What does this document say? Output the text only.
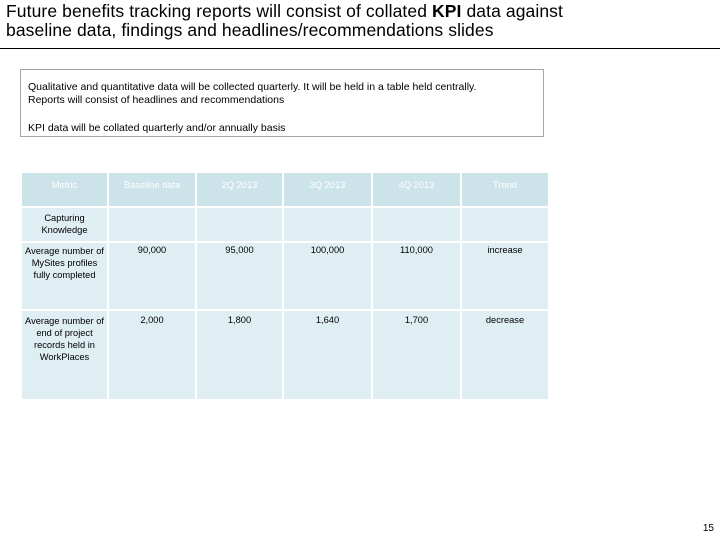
Future benefits tracking reports will consist of collated KPI data against baseline data, findings and headlines/recommendations slides
Qualitative and quantitative data will be collected quarterly. It will be held in a table held centrally.
Reports will consist of headlines and recommendations
KPI data will be collated quarterly and/or annually basis
Metric	Baseline data	2Q 2013	3Q 2013	4Q 2013	Trend
Capturing Knowledge					
Average number of MySites profiles fully completed	90,000	95,000	100,000	110,000	increase
Average number of end of project records held in WorkPlaces	2,000	1,800	1,640	1,700	decrease
15
